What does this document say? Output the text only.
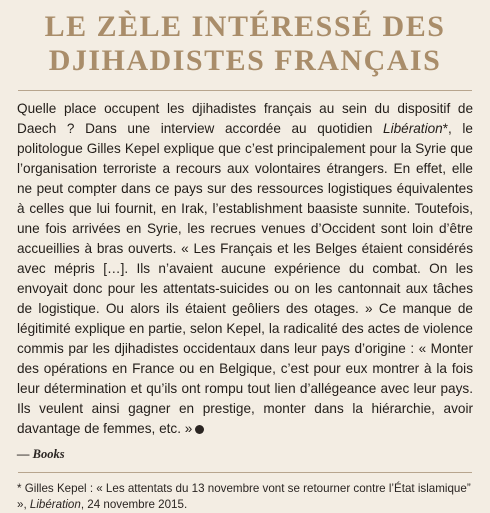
LE ZÈLE INTÉRESSÉ DES
DJIHADISTES FRANÇAIS

Quelle place occupent les djihadistes français au sein du dispositif de Daech ? Dans une interview accordée au quotidien Libération*, le politologue Gilles Kepel explique que c’est principalement pour la Syrie que l’organisation terroriste a recours aux volontaires étrangers. En effet, elle ne peut compter dans ce pays sur des ressources logistiques équivalentes à celles que lui fournit, en Irak, l’establishment baasiste sunnite. Toutefois, une fois arrivées en Syrie, les recrues venues d’Occident sont loin d’être accueillies à bras ouverts. « Les Français et les Belges étaient considérés avec mépris […]. Ils n’avaient aucune expérience du combat. On les envoyait donc pour les attentats-suicides ou on les cantonnait aux tâches de logistique. Ou alors ils étaient geôliers des otages. » Ce manque de légitimité explique en partie, selon Kepel, la radicalité des actes de violence commis par les djihadistes occidentaux dans leur pays d’origine : « Monter des opérations en France ou en Belgique, c’est pour eux montrer à la fois leur détermination et qu’ils ont rompu tout lien d’allégeance avec leur pays. Ils veulent ainsi gagner en prestige, monter dans la hiérarchie, avoir davantage de femmes, etc. »

— Books

* Gilles Kepel : « Les attentats du 13 novembre vont se retourner contre l’État islamique” », Libération, 24 novembre 2015.
